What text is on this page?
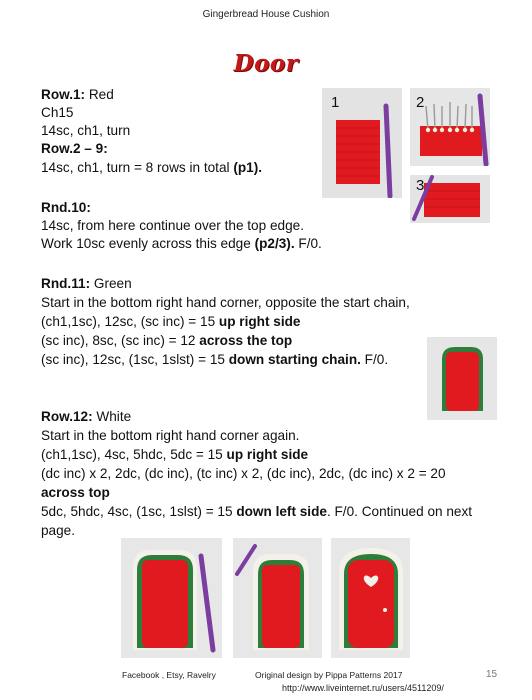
Gingerbread House Cushion
Door
Row.1: Red
Ch15
14sc, ch1, turn
Row.2 – 9:
14sc, ch1, turn = 8 rows in total (p1).
Rnd.10:
14sc, from here continue over the top edge.
Work 10sc evenly across this edge (p2/3). F/0.
Rnd.11: Green
Start in the bottom right hand corner, opposite the start chain,
(ch1,1sc), 12sc, (sc inc) = 15 up right side
(sc inc), 8sc, (sc inc) = 12 across the top
(sc inc), 12sc, (1sc, 1slst) = 15 down starting chain. F/0.
Row.12: White
Start in the bottom right hand corner again.
(ch1,1sc), 4sc, 5hdc, 5dc = 15 up right side
(dc inc) x 2, 2dc, (dc inc), (tc inc) x 2, (dc inc), 2dc, (dc inc) x 2 = 20
across top
5dc, 5hdc, 4sc, (1sc, 1slst) = 15 down left side. F/0. Continued on next
page.
1	2
3
Facebook , Etsy, Ravelry	Original design by Pippa Patterns 2017	15
http://www.liveinternet.ru/users/4511209/
